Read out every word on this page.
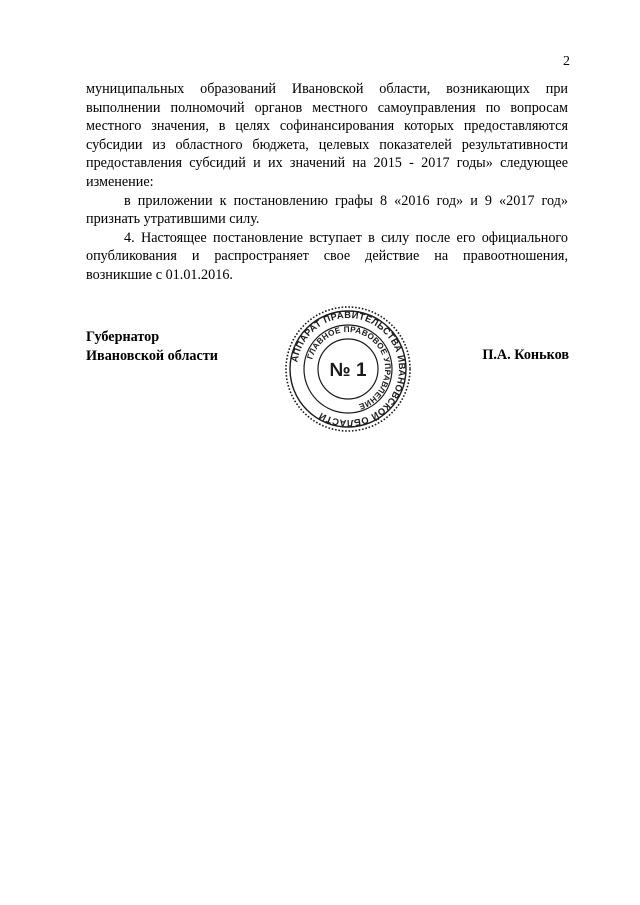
2

муниципальных образований Ивановской области, возникающих при выполнении полномочий органов местного самоуправления по вопросам местного значения, в целях софинансирования которых предоставляются субсидии из областного бюджета, целевых показателей результативности предоставления субсидий и их значений на 2015 - 2017 годы» следующее изменение:

в приложении к постановлению графы 8 «2016 год» и 9 «2017 год» признать утратившими силу.

4. Настоящее постановление вступает в силу после его официального опубликования и распространяет свое действие на правоотношения, возникшие с 01.01.2016.

Губернатор
Ивановской области	П.А. Коньков
АППАРАТ ПРАВИТЕЛЬСТВА ИВАНОВСКОЙ ОБЛАСТИ
ГЛАВНОЕ ПРАВОВОЕ УПРАВЛЕНИЕ
№ 1
